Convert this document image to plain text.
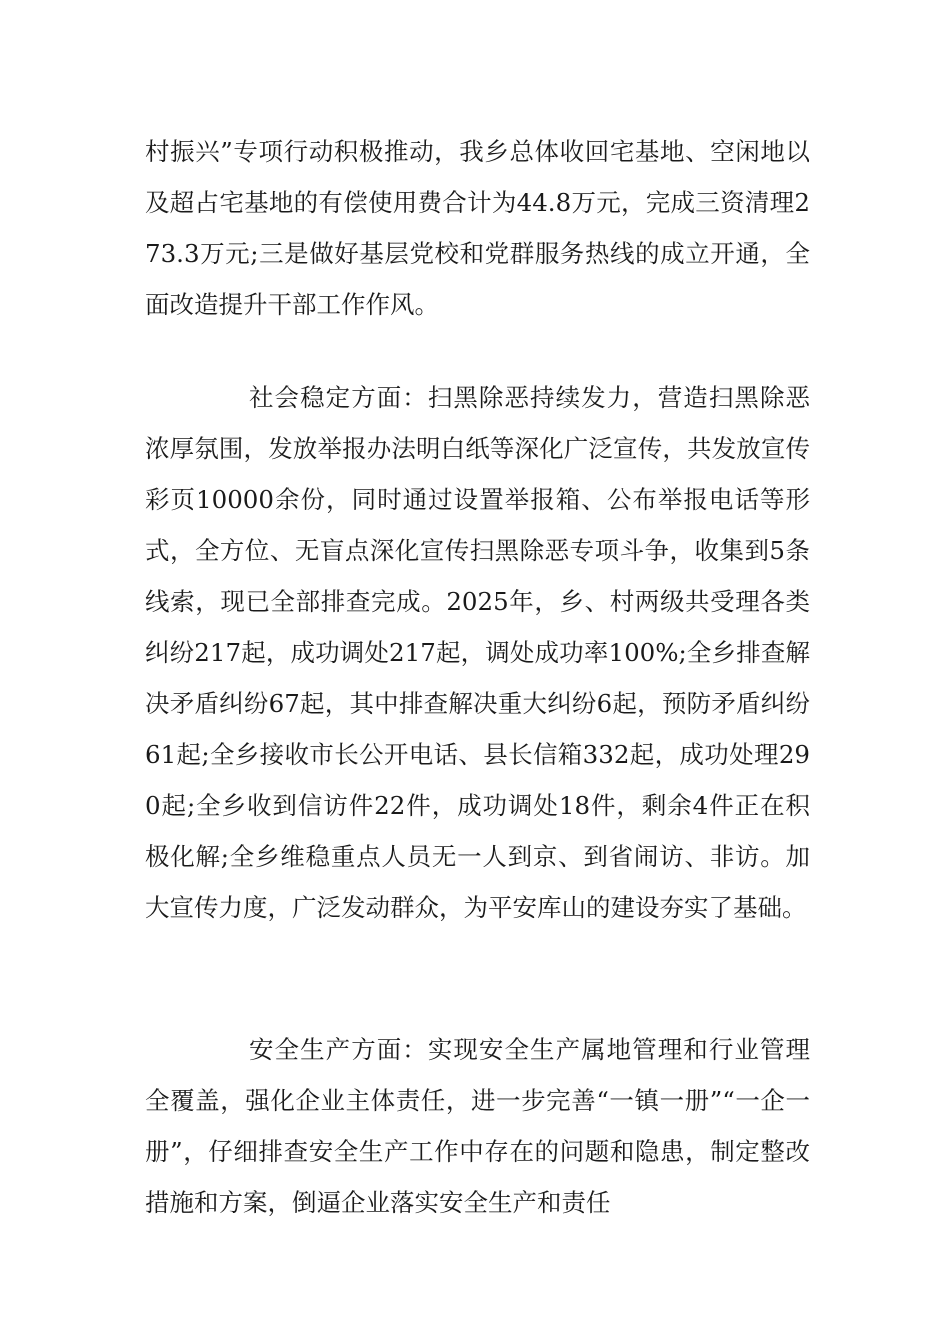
村振兴”专项行动积极推动，我乡总体收回宅基地、空闲地以及超占宅基地的有偿使用费合计为44.8万元，完成三资清理273.3万元;三是做好基层党校和党群服务热线的成立开通，全面改造提升干部工作作风。

社会稳定方面：扫黑除恶持续发力，营造扫黑除恶浓厚氛围，发放举报办法明白纸等深化广泛宣传，共发放宣传彩页10000余份，同时通过设置举报箱、公布举报电话等形式，全方位、无盲点深化宣传扫黑除恶专项斗争，收集到5条线索，现已全部排查完成。2025年，乡、村两级共受理各类纠纷217起，成功调处217起，调处成功率100%;全乡排查解决矛盾纠纷67起，其中排查解决重大纠纷6起，预防矛盾纠纷61起;全乡接收市长公开电话、县长信箱332起，成功处理290起;全乡收到信访件22件，成功调处18件，剩余4件正在积极化解;全乡维稳重点人员无一人到京、到省闹访、非访。加大宣传力度，广泛发动群众，为平安库山的建设夯实了基础。

安全生产方面：实现安全生产属地管理和行业管理全覆盖，强化企业主体责任，进一步完善“一镇一册”“一企一册”，仔细排查安全生产工作中存在的问题和隐患，制定整改措施和方案，倒逼企业落实安全生产和责任
